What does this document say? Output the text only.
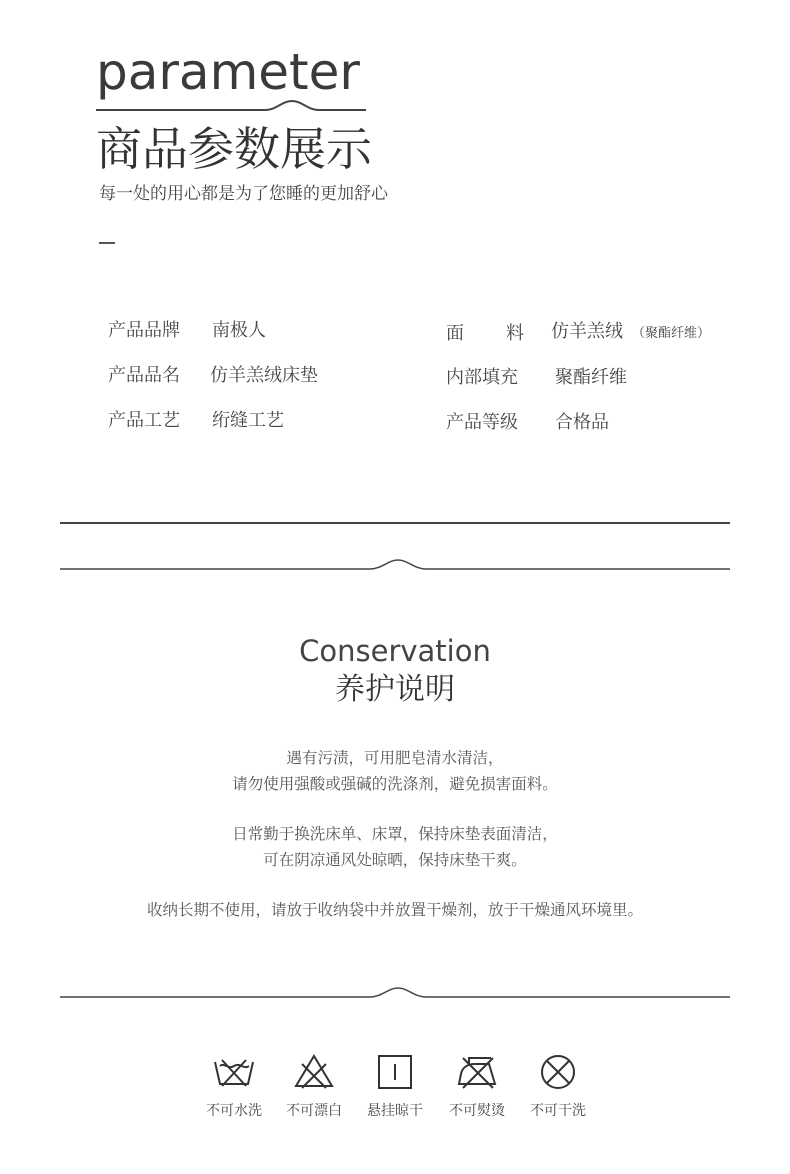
parameter
商品参数展示
每一处的用心都是为了您睡的更加舒心
产品品牌 南极人
产品品名 仿羊羔绒床垫
产品工艺 绗缝工艺
面 料 仿羊羔绒 （聚酯纤维）
内部填充 聚酯纤维
产品等级 合格品
Conservation
养护说明
遇有污渍，可用肥皂清水清洁，
请勿使用强酸或强碱的洗涤剂，避免损害面料。
日常勤于换洗床单、床罩，保持床垫表面清洁，
可在阴凉通风处晾晒，保持床垫干爽。
收纳长期不使用，请放于收纳袋中并放置干燥剂，放于干燥通风环境里。
不可水洗	不可漂白	悬挂晾干	不可熨烫	不可干洗
